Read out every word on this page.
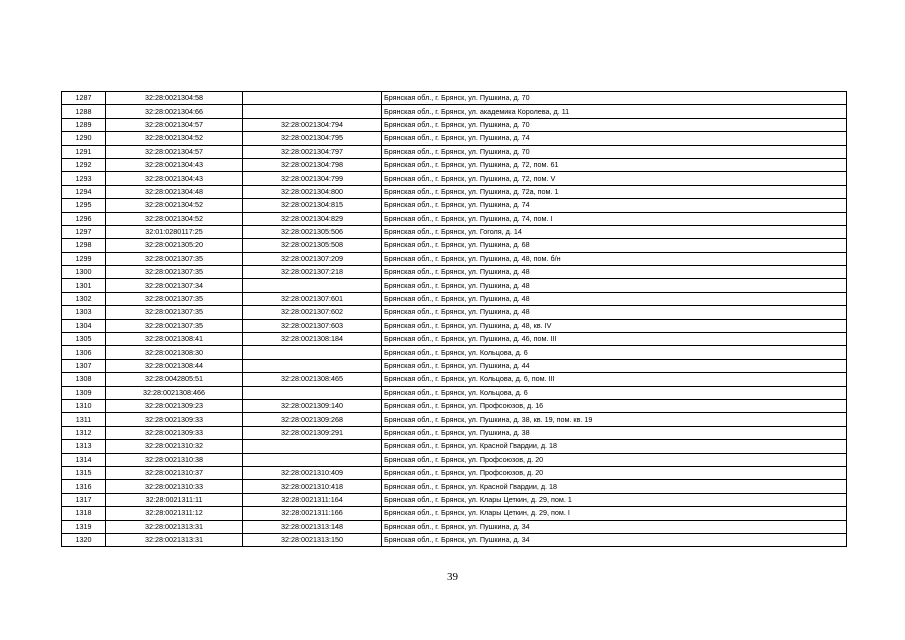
1287	32:28:0021304:58		Брянская обл., г. Брянск, ул. Пушкина, д. 70
1288	32:28:0021304:66		Брянская обл., г. Брянск, ул. академика Королева, д. 11
1289	32:28:0021304:57	32:28:0021304:794	Брянская обл., г. Брянск, ул. Пушкина, д. 70
1290	32:28:0021304:52	32:28:0021304:795	Брянская обл., г. Брянск, ул. Пушкина, д. 74
1291	32:28:0021304:57	32:28:0021304:797	Брянская обл., г. Брянск, ул. Пушкина, д. 70
1292	32:28:0021304:43	32:28:0021304:798	Брянская обл., г. Брянск, ул. Пушкина, д. 72, пом. 61
1293	32:28:0021304:43	32:28:0021304:799	Брянская обл., г. Брянск, ул. Пушкина, д. 72, пом. V
1294	32:28:0021304:48	32:28:0021304:800	Брянская обл., г. Брянск, ул. Пушкина, д. 72а, пом. 1
1295	32:28:0021304:52	32:28:0021304:815	Брянская обл., г. Брянск, ул. Пушкина, д. 74
1296	32:28:0021304:52	32:28:0021304:829	Брянская обл., г. Брянск, ул. Пушкина, д. 74, пом. I
1297	32:01:0280117:25	32:28:0021305:506	Брянская обл., г. Брянск, ул. Гоголя, д. 14
1298	32:28:0021305:20	32:28:0021305:508	Брянская обл., г. Брянск, ул. Пушкина, д. 68
1299	32:28:0021307:35	32:28:0021307:209	Брянская обл., г. Брянск, ул. Пушкина, д. 48, пом. б/н
1300	32:28:0021307:35	32:28:0021307:218	Брянская обл., г. Брянск, ул. Пушкина, д. 48
1301	32:28:0021307:34		Брянская обл., г. Брянск, ул. Пушкина, д. 48
1302	32:28:0021307:35	32:28:0021307:601	Брянская обл., г. Брянск, ул. Пушкина, д. 48
1303	32:28:0021307:35	32:28:0021307:602	Брянская обл., г. Брянск, ул. Пушкина, д. 48
1304	32:28:0021307:35	32:28:0021307:603	Брянская обл., г. Брянск, ул. Пушкина, д. 48, кв. IV
1305	32:28:0021308:41	32:28:0021308:184	Брянская обл., г. Брянск, ул. Пушкина, д. 46, пом. III
1306	32:28:0021308:30		Брянская обл., г. Брянск, ул. Кольцова, д. 6
1307	32:28:0021308:44		Брянская обл., г. Брянск, ул. Пушкина, д. 44
1308	32:28:0042805:51	32:28:0021308:465	Брянская обл., г. Брянск, ул. Кольцова, д. 6, пом. III
1309	32:28:0021308:466		Брянская обл., г. Брянск, ул. Кольцова, д. 6
1310	32:28:0021309:23	32:28:0021309:140	Брянская обл., г. Брянск, ул. Профсоюзов, д. 16
1311	32:28:0021309:33	32:28:0021309:268	Брянская обл., г. Брянск, ул. Пушкина, д. 38, кв. 19, пом. кв. 19
1312	32:28:0021309:33	32:28:0021309:291	Брянская обл., г. Брянск, ул. Пушкина, д. 38
1313	32:28:0021310:32		Брянская обл., г. Брянск, ул. Красной Гвардии, д. 18
1314	32:28:0021310:38		Брянская обл., г. Брянск, ул. Профсоюзов, д. 20
1315	32:28:0021310:37	32:28:0021310:409	Брянская обл., г. Брянск, ул. Профсоюзов, д. 20
1316	32:28:0021310:33	32:28:0021310:418	Брянская обл., г. Брянск, ул. Красной Гвардии, д. 18
1317	32:28:0021311:11	32:28:0021311:164	Брянская обл., г. Брянск, ул. Клары Цеткин, д. 29, пом. 1
1318	32:28:0021311:12	32:28:0021311:166	Брянская обл., г. Брянск, ул. Клары Цеткин, д. 29, пом. I
1319	32:28:0021313:31	32:28:0021313:148	Брянская обл., г. Брянск, ул. Пушкина, д. 34
1320	32:28:0021313:31	32:28:0021313:150	Брянская обл., г. Брянск, ул. Пушкина, д. 34
39
